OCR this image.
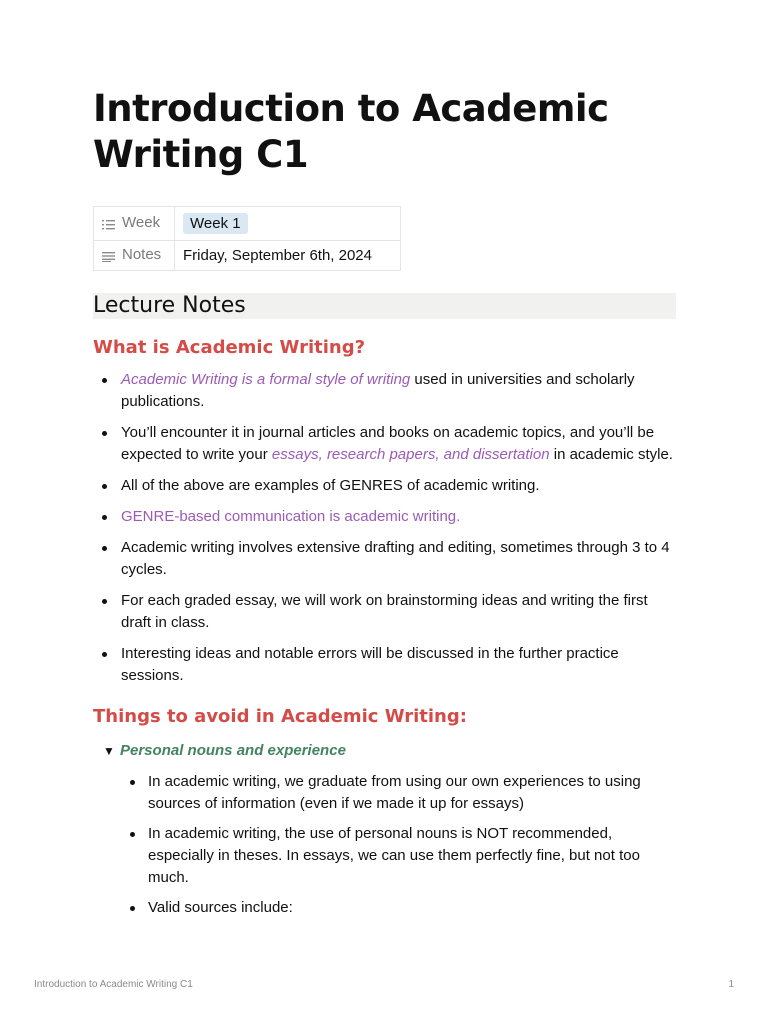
Introduction to Academic Writing C1
Week	Week 1
Notes	Friday, September 6th, 2024
Lecture Notes
What is Academic Writing?
Academic Writing is a formal style of writing used in universities and scholarly publications.
You’ll encounter it in journal articles and books on academic topics, and you’ll be expected to write your essays, research papers, and dissertation in academic style.
All of the above are examples of GENRES of academic writing.
GENRE-based communication is academic writing.
Academic writing involves extensive drafting and editing, sometimes through 3 to 4 cycles.
For each graded essay, we will work on brainstorming ideas and writing the first draft in class.
Interesting ideas and notable errors will be discussed in the further practice sessions.
Things to avoid in Academic Writing:
▼ Personal nouns and experience
In academic writing, we graduate from using our own experiences to using sources of information (even if we made it up for essays)
In academic writing, the use of personal nouns is NOT recommended, especially in theses. In essays, we can use them perfectly fine, but not too much.
Valid sources include:
Introduction to Academic Writing C1	1
